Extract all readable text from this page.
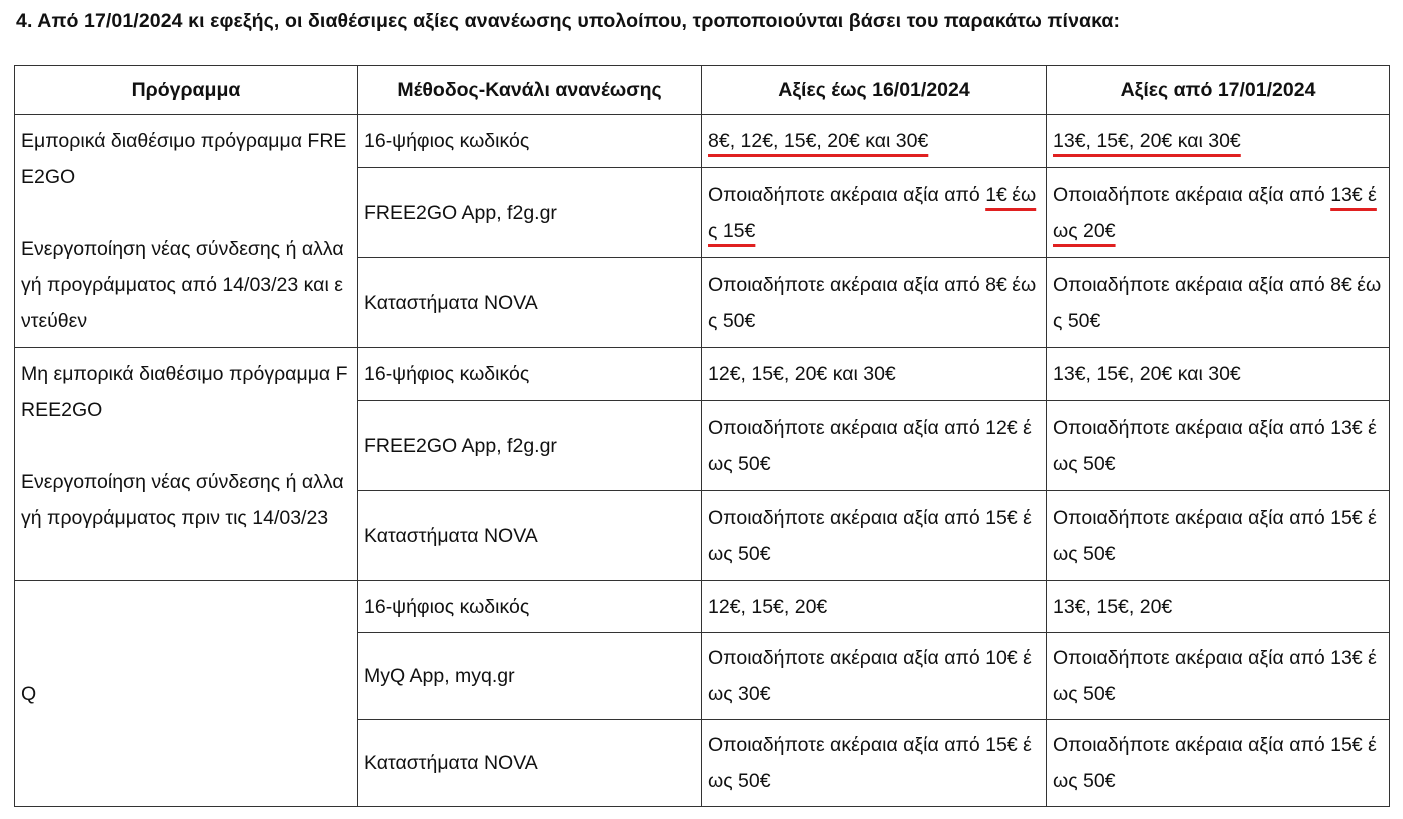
4. Από 17/01/2024 κι εφεξής, οι διαθέσιμες αξίες ανανέωσης υπολοίπου, τροποποιούνται βάσει του παρακάτω πίνακα:
Πρόγραμμα	Μέθοδος-Κανάλι ανανέωσης	Αξίες έως 16/01/2024	Αξίες από 17/01/2024
Εμπορικά διαθέσιμο πρόγραμμα FREE2GO
Ενεργοποίηση νέας σύνδεσης ή αλλαγή προγράμματος από 14/03/23 και εντεύθεν	16-ψήφιος κωδικός	8€, 12€, 15€, 20€ και 30€	13€, 15€, 20€ και 30€
	FREE2GO App, f2g.gr	Οποιαδήποτε ακέραια αξία από 1€ έως 15€	Οποιαδήποτε ακέραια αξία από 13€ έως 20€
	Καταστήματα NOVA	Οποιαδήποτε ακέραια αξία από 8€ έως 50€	Οποιαδήποτε ακέραια αξία από 8€ έως 50€
Μη εμπορικά διαθέσιμο πρόγραμμα FREE2GO
Ενεργοποίηση νέας σύνδεσης ή αλλαγή προγράμματος πριν τις 14/03/23	16-ψήφιος κωδικός	12€, 15€, 20€ και 30€	13€, 15€, 20€ και 30€
	FREE2GO App, f2g.gr	Οποιαδήποτε ακέραια αξία από 12€ έως 50€	Οποιαδήποτε ακέραια αξία από 13€ έως 50€
	Καταστήματα NOVA	Οποιαδήποτε ακέραια αξία από 15€ έως 50€	Οποιαδήποτε ακέραια αξία από 15€ έως 50€
Q	16-ψήφιος κωδικός	12€, 15€, 20€	13€, 15€, 20€
	MyQ App, myq.gr	Οποιαδήποτε ακέραια αξία από 10€ έως 30€	Οποιαδήποτε ακέραια αξία από 13€ έως 50€
	Καταστήματα NOVA	Οποιαδήποτε ακέραια αξία από 15€ έως 50€	Οποιαδήποτε ακέραια αξία από 15€ έως 50€
